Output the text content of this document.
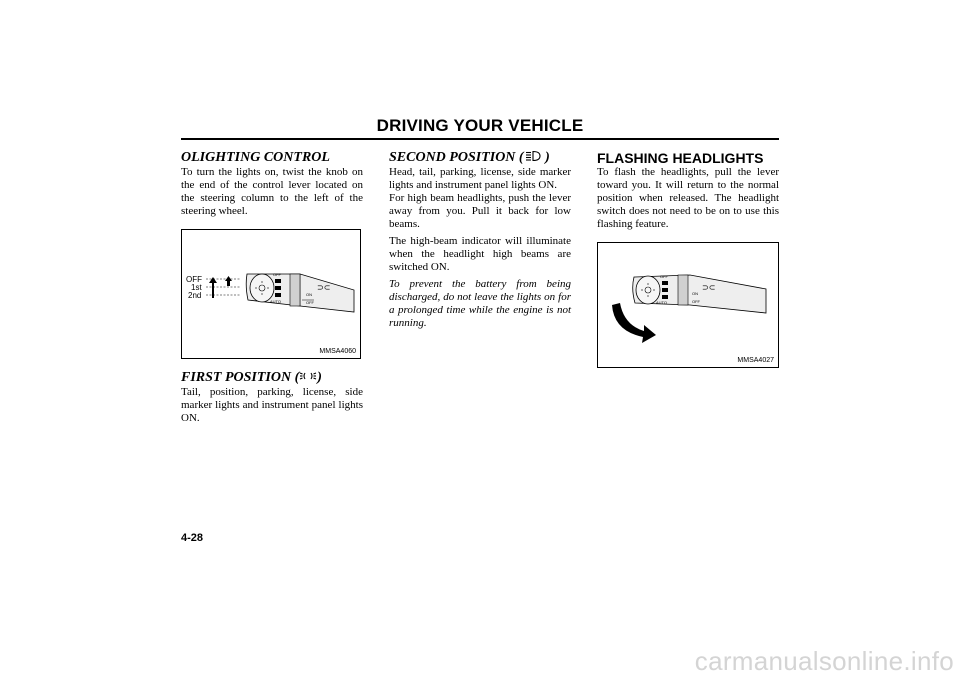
DRIVING YOUR VEHICLE
OLIGHTING CONTROL

To turn the lights on, twist the knob on the end of the control lever located on the steering column to the left of the steering wheel.

OFF
1st
2nd
OFF
AUTO
ON
OFF
⊃⊂
MMSA4060
FIRST POSITION ( )

Tail, position, parking, license, side marker lights and instrument panel lights ON.

SECOND POSITION ( )

Head, tail, parking, license, side marker lights and instrument panel lights ON.

For high beam headlights, push the lever away from you. Pull it back for low beams.

The high-beam indicator will illuminate when the headlight high beams are switched ON.

To prevent the battery from being discharged, do not leave the lights on for a prolonged time while the engine is not running.

FLASHING HEADLIGHTS

To flash the headlights, pull the lever toward you. It will return to the normal position when released. The headlight switch does not need to be on to use this flashing feature.

OFF
AUTO
ON
OFF
⊃⊂
MMSA4027
4-28
carmanualsonline.info
